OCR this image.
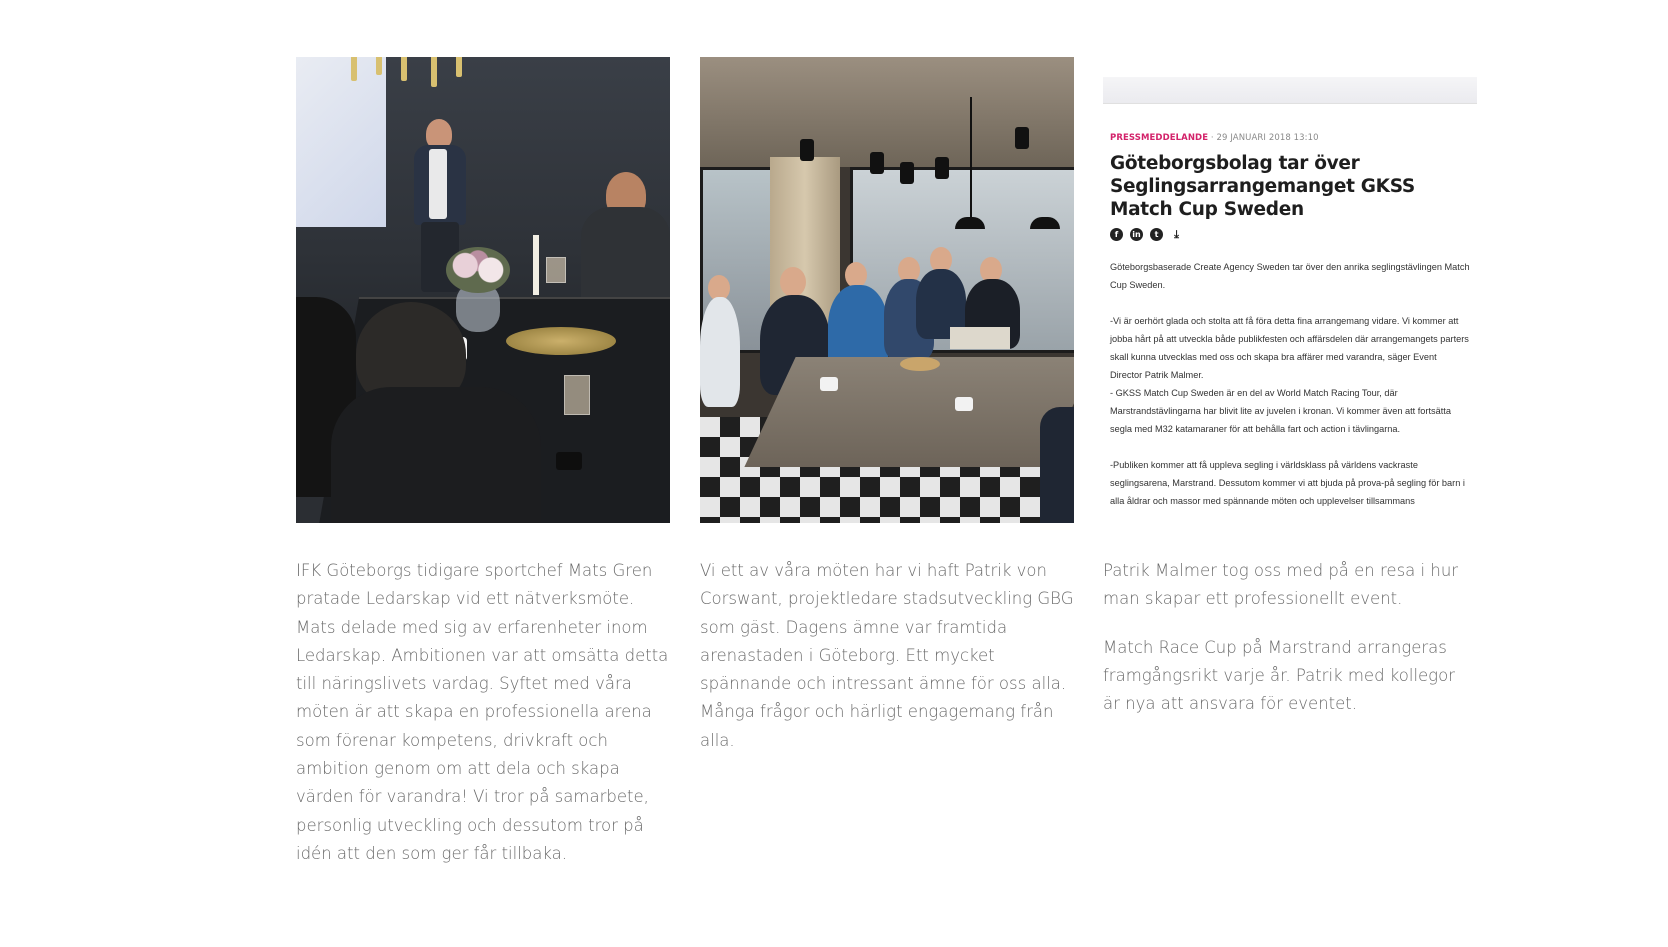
IFK Göteborgs tidigare sportchef Mats Gren pratade Ledarskap vid ett nätverksmöte. Mats delade med sig av erfarenheter inom Ledarskap. Ambitionen var att omsätta detta till näringslivets vardag. Syftet med våra möten är att skapa en professionella arena som förenar kompetens, drivkraft och ambition genom om att dela och skapa värden för varandra! Vi tror på samarbete, personlig utveckling och dessutom tror på idén att den som ger får tillbaka.

Vi ett av våra möten har vi haft Patrik von Corswant, projektledare stadsutveckling GBG som gäst. Dagens ämne var framtida arenastaden i Göteborg. Ett mycket spännande och intressant ämne för oss alla. Många frågor och härligt engagemang från alla.

PRESSMEDDELANDE · 29 JANUARI 2018 13:10
Göteborgsbolag tar över Seglingsarrangemanget GKSS Match Cup Sweden
f	in	t	⤓

Göteborgsbaserade Create Agency Sweden tar över den anrika seglingstävlingen Match Cup Sweden.

-Vi är oerhört glada och stolta att få föra detta fina arrangemang vidare. Vi kommer att jobba hårt på att utveckla både publikfesten och affärsdelen där arrangemangets parters skall kunna utvecklas med oss och skapa bra affärer med varandra, säger Event Director Patrik Malmer.
- GKSS Match Cup Sweden är en del av World Match Racing Tour, där Marstrandstävlingarna har blivit lite av juvelen i kronan. Vi kommer även att fortsätta segla med M32 katamaraner för att behålla fart och action i tävlingarna.

-Publiken kommer att få uppleva segling i världsklass på världens vackraste seglingsarena, Marstrand. Dessutom kommer vi att bjuda på prova-på segling för barn i alla åldrar och massor med spännande möten och upplevelser tillsammans

Patrik Malmer tog oss med på en resa i hur man skapar ett professionellt event.

Match Race Cup på Marstrand arrangeras framgångsrikt varje år. Patrik med kollegor är nya att ansvara för eventet.
